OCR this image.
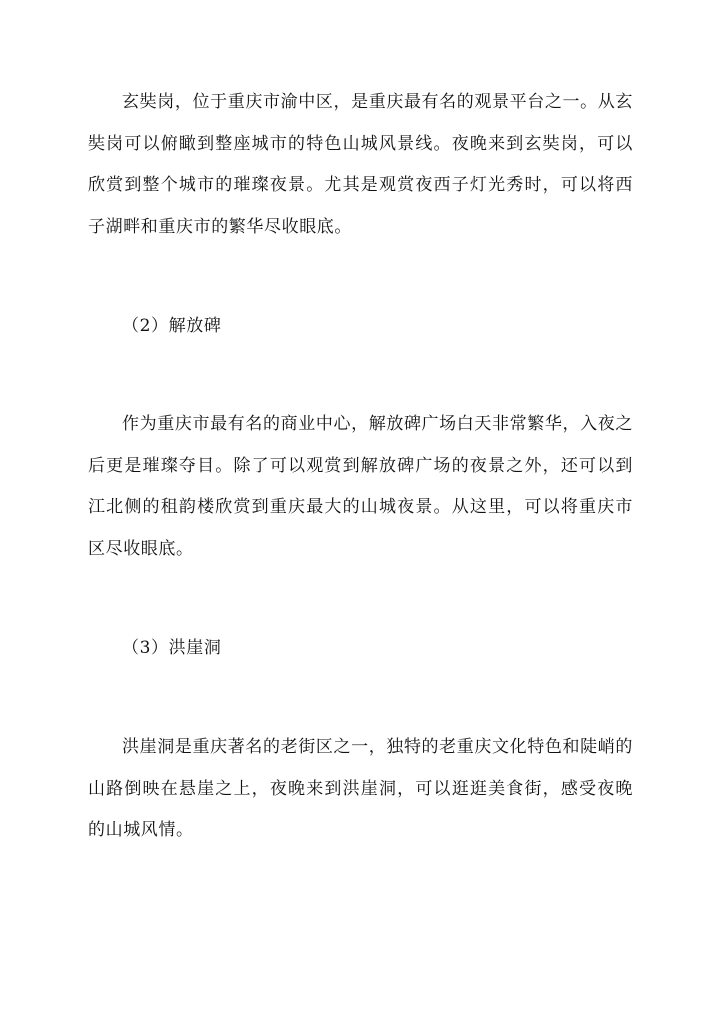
玄奘岗，位于重庆市渝中区，是重庆最有名的观景平台之一。从玄奘岗可以俯瞰到整座城市的特色山城风景线。夜晚来到玄奘岗，可以欣赏到整个城市的璀璨夜景。尤其是观赏夜西子灯光秀时，可以将西子湖畔和重庆市的繁华尽收眼底。

（2）解放碑

作为重庆市最有名的商业中心，解放碑广场白天非常繁华，入夜之后更是璀璨夺目。除了可以观赏到解放碑广场的夜景之外，还可以到江北侧的租韵楼欣赏到重庆最大的山城夜景。从这里，可以将重庆市区尽收眼底。

（3）洪崖洞

洪崖洞是重庆著名的老街区之一，独特的老重庆文化特色和陡峭的山路倒映在悬崖之上，夜晚来到洪崖洞，可以逛逛美食街，感受夜晚的山城风情。
